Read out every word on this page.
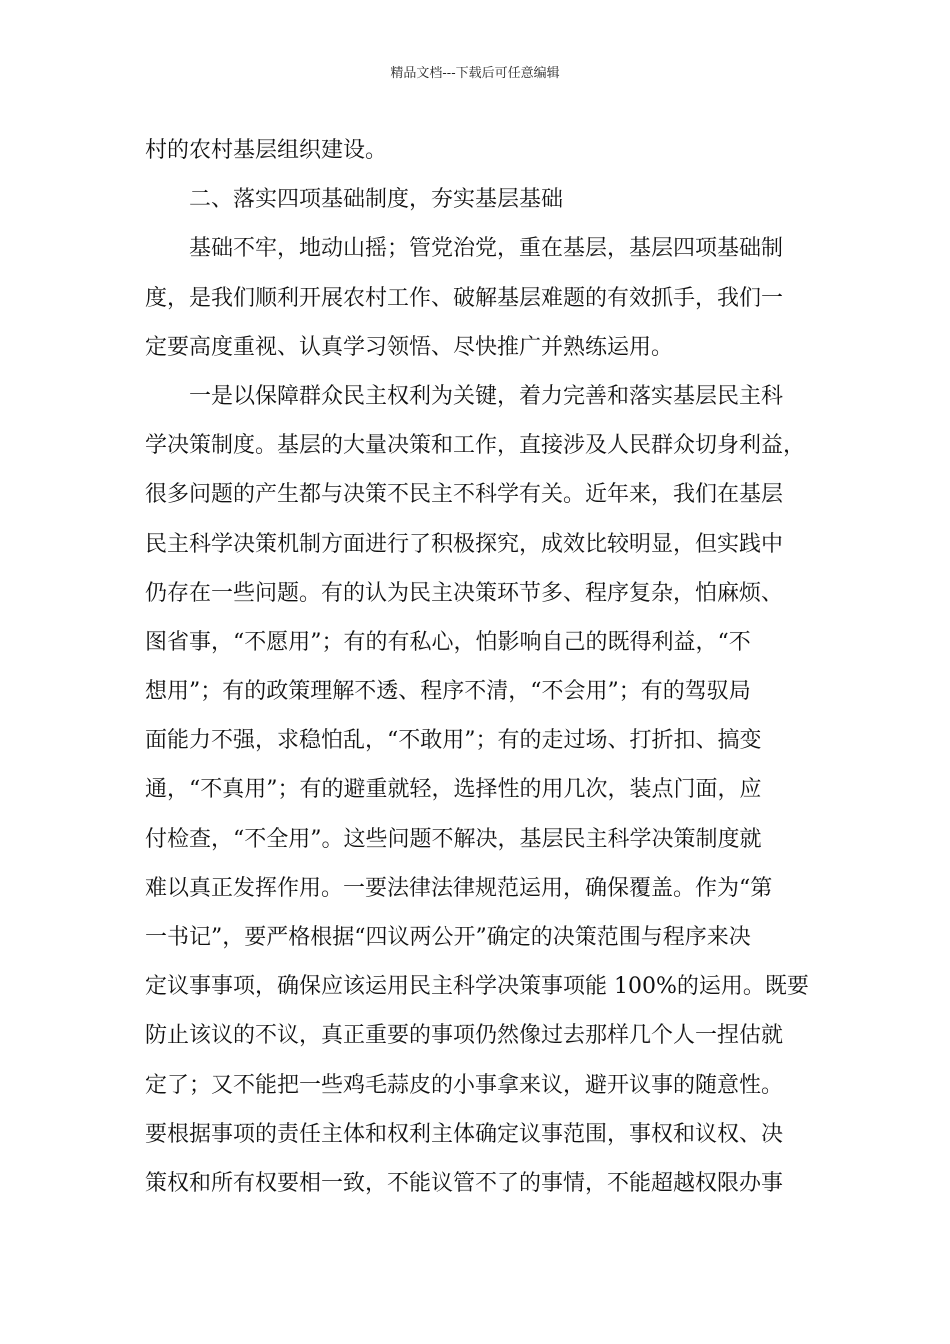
精品文档---下载后可任意编辑
村的农村基层组织建设。
二、落实四项基础制度，夯实基层基础
基础不牢，地动山摇；管党治党，重在基层，基层四项基础制
度，是我们顺利开展农村工作、破解基层难题的有效抓手，我们一
定要高度重视、认真学习领悟、尽快推广并熟练运用。
一是以保障群众民主权利为关键，着力完善和落实基层民主科
学决策制度。基层的大量决策和工作，直接涉及人民群众切身利益，
很多问题的产生都与决策不民主不科学有关。近年来，我们在基层
民主科学决策机制方面进行了积极探究，成效比较明显，但实践中
仍存在一些问题。有的认为民主决策环节多、程序复杂，怕麻烦、
图省事，“不愿用”；有的有私心，怕影响自己的既得利益，“不
想用”；有的政策理解不透、程序不清，“不会用”；有的驾驭局
面能力不强，求稳怕乱，“不敢用”；有的走过场、打折扣、搞变
通，“不真用”；有的避重就轻，选择性的用几次，装点门面，应
付检查，“不全用”。这些问题不解决，基层民主科学决策制度就
难以真正发挥作用。一要法律法律规范运用，确保覆盖。作为“第
一书记”，要严格根据“四议两公开”确定的决策范围与程序来决
定议事事项，确保应该运用民主科学决策事项能 100%的运用。既要
防止该议的不议，真正重要的事项仍然像过去那样几个人一捏估就
定了；又不能把一些鸡毛蒜皮的小事拿来议，避开议事的随意性。
要根据事项的责任主体和权利主体确定议事范围，事权和议权、决
策权和所有权要相一致，不能议管不了的事情，不能超越权限办事
